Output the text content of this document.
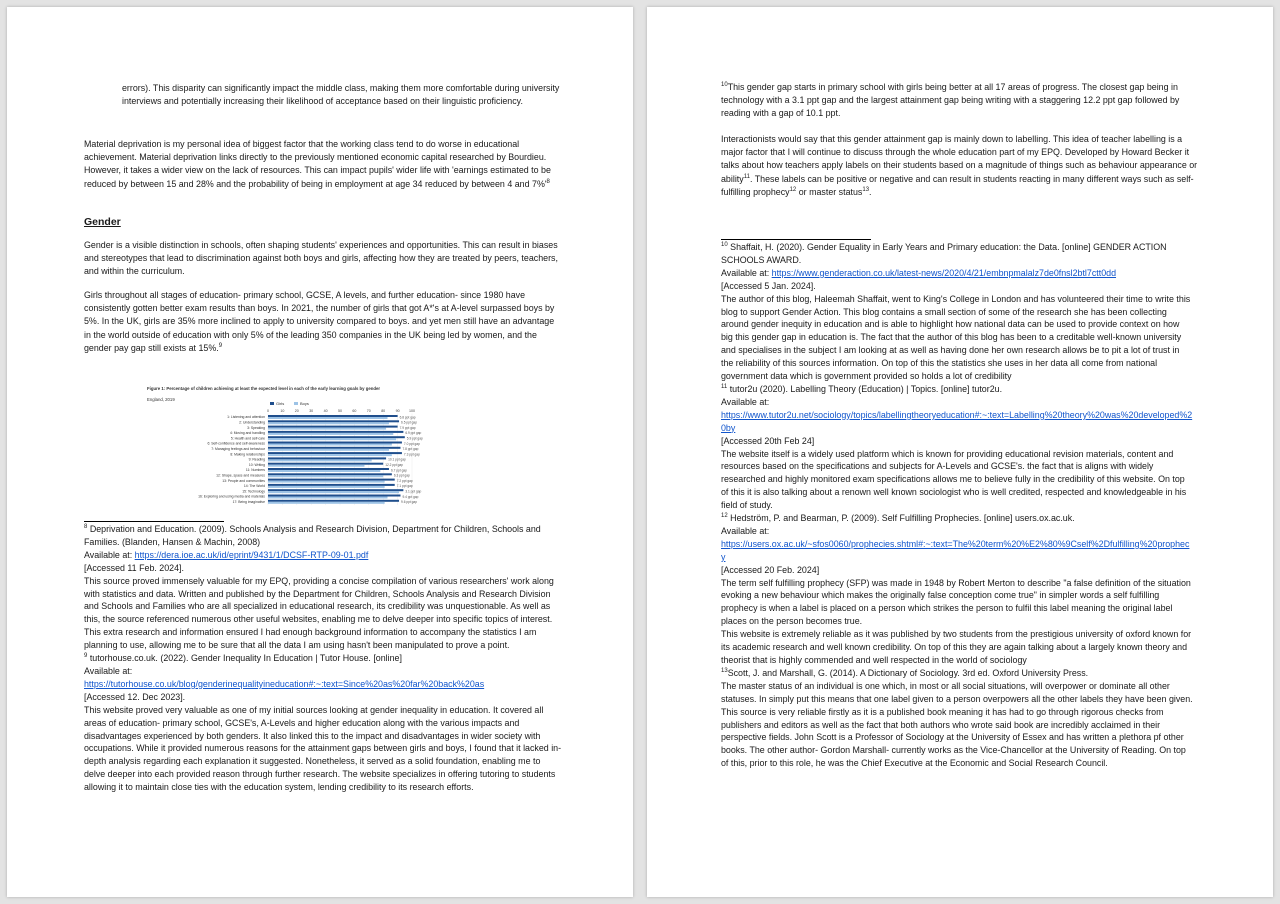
errors). This disparity can significantly impact the middle class, making them more comfortable during university interviews and potentially increasing their likelihood of acceptance based on their linguistic proficiency.

Material deprivation is my personal idea of biggest factor that the working class tend to do worse in educational achievement. Material deprivation links directly to the previously mentioned economic capital researched by Bourdieu. However, it takes a wider view on the lack of resources. This can impact pupils' wider life with 'earnings estimated to be reduced by between 15 and 28% and the probability of being in employment at age 34 reduced by between 4 and $7\%'^8$

Gender

Gender is a visible distinction in schools, often shaping students' experiences and opportunities. This can result in biases and stereotypes that lead to discrimination against both boys and girls, affecting how they are treated by peers, teachers, and within the curriculum.

Girls throughout all stages of education- primary school, GCSE, A levels, and further education- since 1980 have consistently gotten better exam results than boys. In 2021, the number of girls that got A*'s at A-level surpassed boys by 5%. In the UK, girls are 35% more inclined to apply to university compared to boys. and yet men still have an advantage in the world outside of education with only 5% of the leading 350 companies in the UK being led by women, and the gender pay gap still exists at 15%.$^9$

Figure 1: Percentage of children achieving at least the expected level in each of the early learning goals by gender
England, 2019
Girls	Boys
0	10	20	30	40	50	60	70	80	90	100
1: Listening and attention	6.8 ppt gap
2: Understanding	6.5 ppt gap
3: Speaking	7.9 ppt gap
4: Moving and handling	6.9 ppt gap
5: Health and self-care	5.9 ppt gap
6: Self-confidence and self-awareness	7.0 ppt gap
7: Managing feelings and behaviour	7.8 ppt gap
8: Making relationships	7.3 ppt gap
9: Reading	10.1 ppt gap
10: Writing	12.2 ppt gap
11: Numbers	6.7 ppt gap
12: Shape, space and measures	6.3 ppt gap
13: People and communities	7.2 ppt gap
14: The World	7.1 ppt gap
15: Technology	3.1 ppt gap
16: Exploring and using media and materials	9.4 ppt gap
17: Being imaginative	9.6 ppt gap

$^8$ Deprivation and Education. (2009). Schools Analysis and Research Division, Department for Children, Schools and Families. (Blanden, Hansen & Machin, 2008)

Available at: https://dera.ioe.ac.uk/id/eprint/9431/1/DCSF-RTP-09-01.pdf

[Accessed 11 Feb. 2024].

This source proved immensely valuable for my EPQ, providing a concise compilation of various researchers' work along with statistics and data. Written and published by the Department for Children, Schools Analysis and Research Division and Schools and Families who are all specialized in educational research, its credibility was unquestionable. As well as this, the source referenced numerous other useful websites, enabling me to delve deeper into specific topics of interest. This extra research and information ensured I had enough background information to accompany the statistics I am planning to use, allowing me to be sure that all the data I am using hasn't been manipulated to prove a point.

$^9$ tutorhouse.co.uk. (2022). Gender Inequality In Education | Tutor House. [online]

Available at:

https://tutorhouse.co.uk/blog/genderinequalityineducation#:~:text=Since%20as%20far%20back%20as

[Accessed 12. Dec 2023].

This website proved very valuable as one of my initial sources looking at gender inequality in education. It covered all areas of education- primary school, GCSE's, A-Levels and higher education along with the various impacts and disadvantages experienced by both genders. It also linked this to the impact and disadvantages in wider society with occupations. While it provided numerous reasons for the attainment gaps between girls and boys, I found that it lacked in-depth analysis regarding each explanation it suggested. Nonetheless, it served as a solid foundation, enabling me to delve deeper into each provided reason through further research. The website specializes in offering tutoring to students allowing it to maintain close ties with the education system, lending credibility to its research efforts.

$^{10}$This gender gap starts in primary school with girls being better at all 17 areas of progress. The closest gap being in technology with a 3.1 ppt gap and the largest attainment gap being writing with a staggering 12.2 ppt gap followed by reading with a gap of 10.1 ppt.

Interactionists would say that this gender attainment gap is mainly down to labelling. This idea of teacher labelling is a major factor that I will continue to discuss through the whole education part of my EPQ. Developed by Howard Becker it talks about how teachers apply labels on their students based on a magnitude of things such as behaviour appearance or ability$^{11}$. These labels can be positive or negative and can result in students reacting in many different ways such as self-fulfilling prophecy$^{12}$ or master status$^{13}$.

$^{10}$ Shaffait, H. (2020). Gender Equality in Early Years and Primary education: the Data. [online] GENDER ACTION SCHOOLS AWARD.

Available at: https://www.genderaction.co.uk/latest-news/2020/4/21/embnpmalalz7de0fnsl2btl7ctt0dd

[Accessed 5 Jan. 2024].

The author of this blog, Haleemah Shaffait, went to King's College in London and has volunteered their time to write this blog to support Gender Action. This blog contains a small section of some of the research she has been collecting around gender inequity in education and is able to highlight how national data can be used to provide context on how big this gender gap in education is. The fact that the author of this blog has been to a creditable well-known university and specialises in the subject I am looking at as well as having done her own research allows be to pit a lot of trust in the reliability of this sources information. On top of this the statistics she uses in her data all come from national government data which is government provided so holds a lot of credibility

$^{11}$ tutor2u (2020). Labelling Theory (Education) | Topics. [online] tutor2u.

Available at:

https://www.tutor2u.net/sociology/topics/labellingtheoryeducation#:~:text=Labelling%20theory%20was%20developed%20by

[Accessed 20th Feb 24]

The website itself is a widely used platform which is known for providing educational revision materials, content and resources based on the specifications and subjects for A-Levels and GCSE's. the fact that is aligns with widely researched and highly monitored exam specifications allows me to believe fully in the credibility of this website. On top of this it is also talking about a renown well known sociologist who is well credited, respected and knowledgeable in his field of study.

$^{12}$ Hedström, P. and Bearman, P. (2009). Self Fulfilling Prophecies. [online] users.ox.ac.uk.

Available at:

https://users.ox.ac.uk/~sfos0060/prophecies.shtml#:~:text=The%20term%20%E2%80%9Cself%2Dfulfilling%20prophecy

[Accessed 20 Feb. 2024]

The term self fulfilling prophecy (SFP) was made in 1948 by Robert Merton to describe "a false definition of the situation evoking a new behaviour which makes the originally false conception come true" in simpler words a self fulfilling prophecy is when a label is placed on a person which strikes the person to fulfil this label meaning the original label places on the person becomes true.

This website is extremely reliable as it was published by two students from the prestigious university of oxford known for its academic research and well known credibility. On top of this they are again talking about a largely known theory and theorist that is highly commended and well respected in the world of sociology

$^{13}$Scott, J. and Marshall, G. (2014). A Dictionary of Sociology. 3rd ed. Oxford University Press.

The master status of an individual is one which, in most or all social situations, will overpower or dominate all other statuses. In simply put this means that one label given to a person overpowers all the other labels they have been given.

This source is very reliable firstly as it is a published book meaning it has had to go through rigorous checks from publishers and editors as well as the fact that both authors who wrote said book are incredibly acclaimed in their perspective fields. John Scott is a Professor of Sociology at the University of Essex and has written a plethora pf other books. The other author- Gordon Marshall- currently works as the Vice-Chancellor at the University of Reading. On top of this, prior to this role, he was the Chief Executive at the Economic and Social Research Council.
